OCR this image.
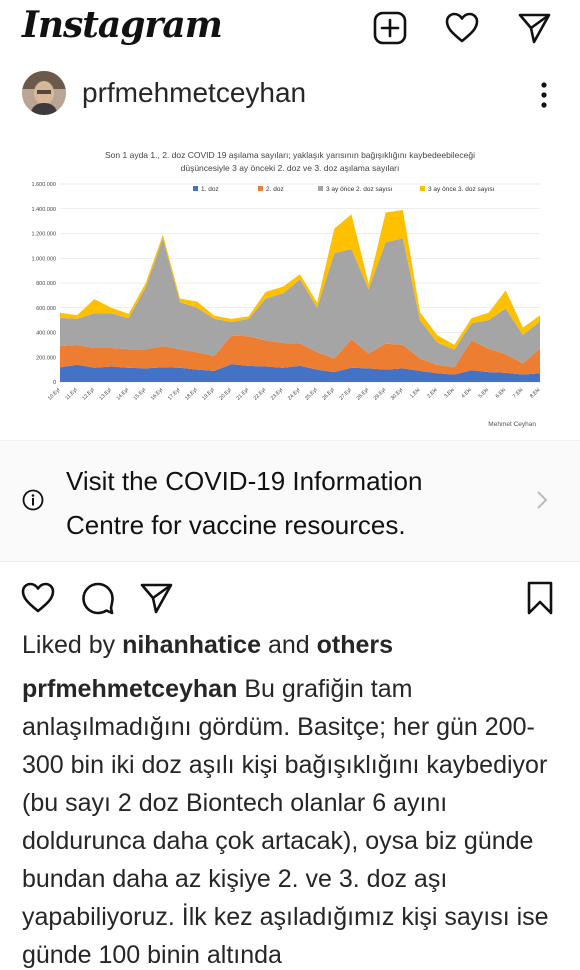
Instagram
prfmehmetceyhan
Son 1 ayda 1., 2. doz COVID 19 aşılama sayıları; yaklaşık yarısının bağışıklığını kaybedeebileceği
düşüncesiyle 3 ay önceki 2. doz ve 3. doz aşılama sayıları
1. doz	2. doz	3 ay önce 2. doz sayısı	3 ay önce 3. doz sayısı
1.600.000
1.400.000
1.200.000
1.000.000
800.000
600.000
400.000
200.000
0
10.Eyl 11.Eyl 12.Eyl 13.Eyl 14.Eyl 15.Eyl 16.Eyl 17.Eyl 18.Eyl 19.Eyl 20.Eyl 21.Eyl 22.Eyl 23.Eyl 24.Eyl 25.Eyl 26.Eyl 27.Eyl 28.Eyl 29.Eyl 30.Eyl 1.Eki 2.Eki 3.Eki 4.Eki 5.Eki 6.Eki 7.Eki 8.Eki
Mehmet Ceyhan
Visit the COVID-19 Information Centre for vaccine resources.
Liked by nihanhatice and others
prfmehmetceyhan Bu grafiğin tam anlaşılmadığını gördüm. Basitçe; her gün 200-300 bin iki doz aşılı kişi bağışıklığını kaybediyor (bu sayı 2 doz Biontech olanlar 6 ayını doldurunca daha çok artacak), oysa biz günde bundan daha az kişiye 2. ve 3. doz aşı yapabiliyoruz. İlk kez aşıladığımız kişi sayısı ise günde 100 binin altında
